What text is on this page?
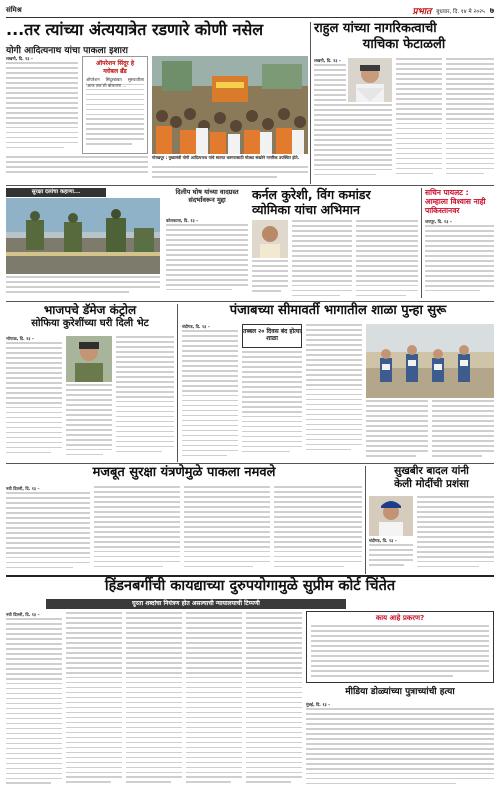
संमिश्र	प्रभात बुधवार, दि. १४ मे २०२५ ७
...तर त्यांच्या अंत्ययात्रेत रडणारे कोणी नसेल
योगी आदित्यनाथ यांचा पाकला इशारा
लखनौ, दि. १३ –
ऑपरेशन सिंदूर हे
ग्लोबल ब्रँड
ऑपरेशन सिंदूरबाबत सुरुवातीला 'आज तक'शी बोलताना ...
गोरखपूर : मुख्यमंत्री योगी आदित्यनाथ यांचे स्वागत करण्यासाठी मोठ्या संख्येने नागरिक उपस्थित होते.
राहुल यांच्या नागरिकत्वाची
याचिका फेटाळली
लखनौ, दि. १३ –
सुरक्षा दलांचा कहाणा...	दिलीप घोष यांच्या वादग्रस्त संदर्भावरून मुद्दा	कर्नल कुरेशी, विंग कमांडर
व्योमिका यांचा अभिमान
कोलकाता, दि. १३ –
सचिन पायलट : आम्हाला विश्वास नाही पाकिस्तानवर
जयपूर, दि. १३ –
भाजपचे डॅमेज कंट्रोल
सोफिया कुरेशींच्या घरी दिली भेट
भोपाळ, दि. १३ –
पंजाबच्या सीमावर्ती भागातील शाळा पुन्हा सुरू
चंदीगड, दि. १३ –
तब्बल २० दिवस बंद होत्या शाळा
मजबूत सुरक्षा यंत्रणेमुळे पाकला नमवले
नवी दिल्ली, दि. १३ –
सुखबीर बादल यांनी
केली मोदींची प्रशंसा
चंदीगड, दि. १३ –
हिंडनबर्गीची कायद्याच्या दुरुपयोगामुळे सुप्रीम कोर्ट चिंतेत
घुरता शब्दांचा नियंत्रण होत असल्याची न्यायालयाची टिप्पणी
नवी दिल्ली, दि. १३ –	काय आहे प्रकरण?
मीडिया डोळ्यांच्या पुत्राच्यांची हत्या
मुंबई, दि. १३ –
